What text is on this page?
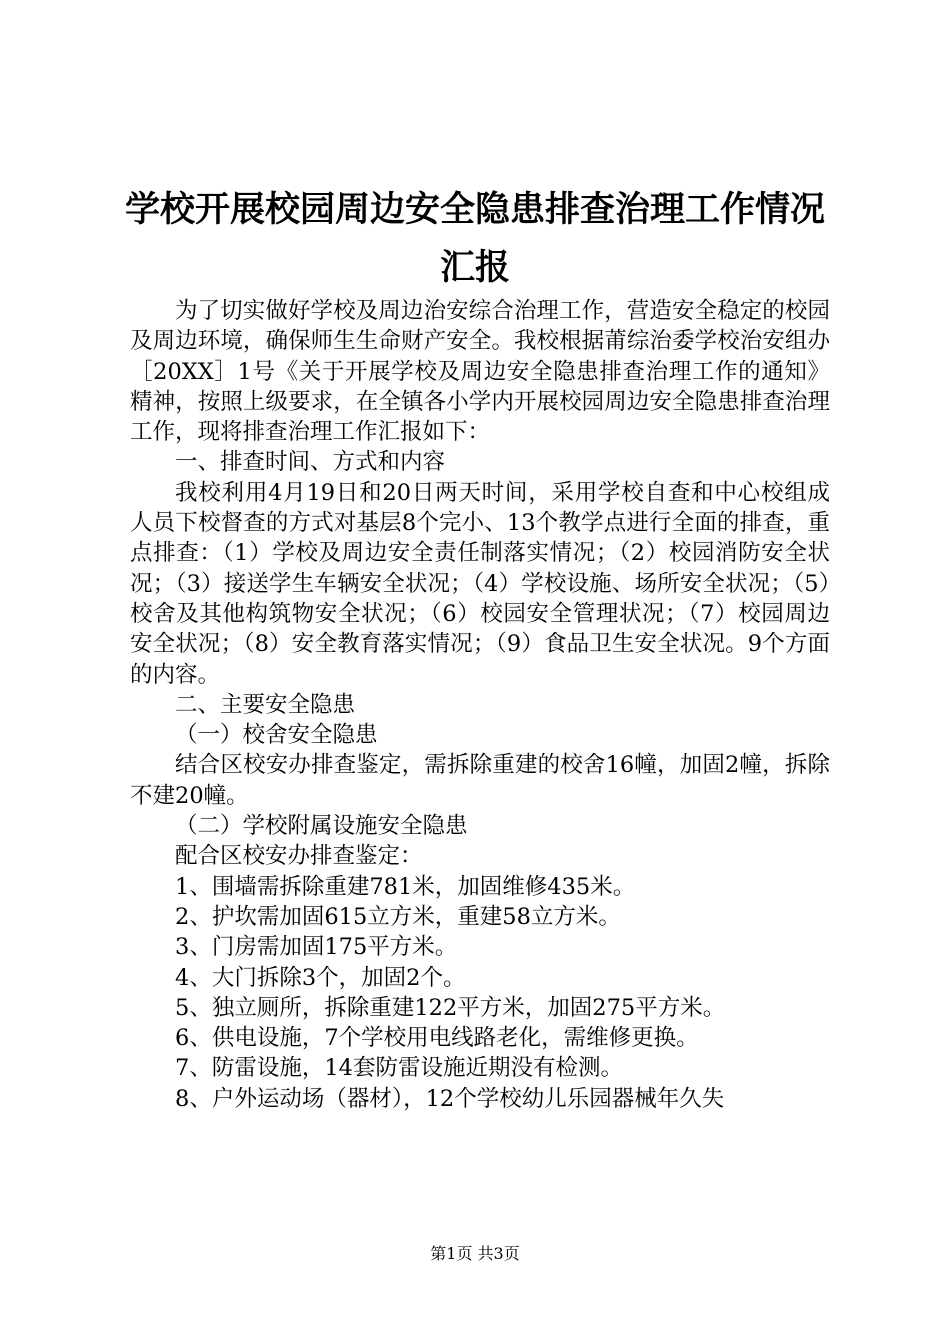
学校开展校园周边安全隐患排查治理工作情况
汇报

为了切实做好学校及周边治安综合治理工作，营造安全稳定的校园及周边环境，确保师生生命财产安全。我校根据莆综治委学校治安组办［20XX］1号《关于开展学校及周边安全隐患排查治理工作的通知》精神，按照上级要求，在全镇各小学内开展校园周边安全隐患排查治理工作，现将排查治理工作汇报如下：

一、排查时间、方式和内容

我校利用4月19日和20日两天时间，采用学校自查和中心校组成人员下校督查的方式对基层8个完小、13个教学点进行全面的排查，重点排查：（1）学校及周边安全责任制落实情况；（2）校园消防安全状况；（3）接送学生车辆安全状况；（4）学校设施、场所安全状况；（5）校舍及其他构筑物安全状况；（6）校园安全管理状况；（7）校园周边安全状况；（8）安全教育落实情况；（9）食品卫生安全状况。9个方面的内容。

二、主要安全隐患

（一）校舍安全隐患

结合区校安办排查鉴定，需拆除重建的校舍16幢，加固2幢，拆除不建20幢。

（二）学校附属设施安全隐患

配合区校安办排查鉴定：

1、围墙需拆除重建781米，加固维修435米。

2、护坎需加固615立方米，重建58立方米。

3、门房需加固175平方米。

4、大门拆除3个，加固2个。

5、独立厕所，拆除重建122平方米，加固275平方米。

6、供电设施，7个学校用电线路老化，需维修更换。

7、防雷设施，14套防雷设施近期没有检测。

8、户外运动场（器材），12个学校幼儿乐园器械年久失

第1页 共3页
